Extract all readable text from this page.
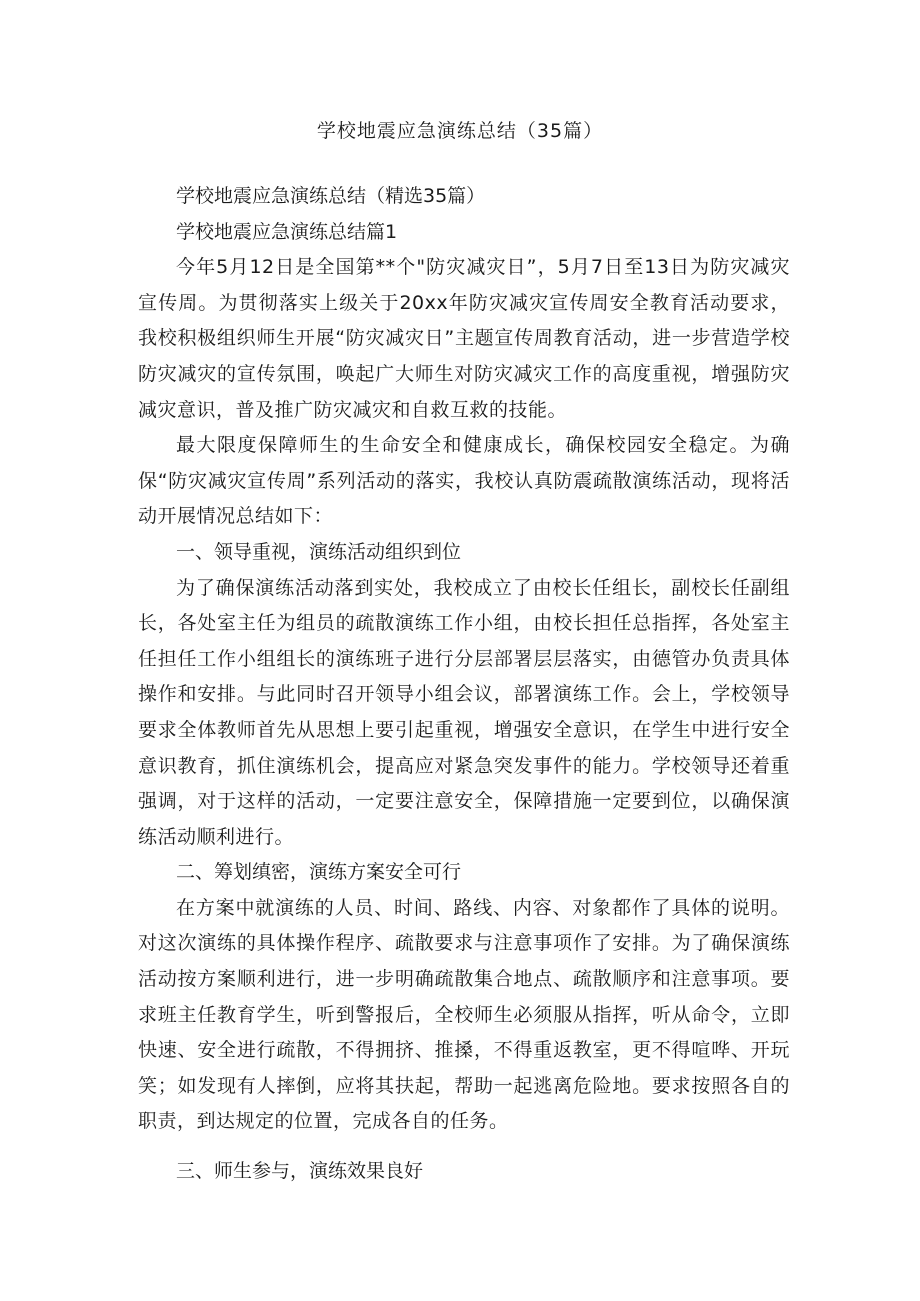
学校地震应急演练总结（35篇）
学校地震应急演练总结（精选35篇）
学校地震应急演练总结篇1
今年5月12日是全国第**个"防灾减灾日”，5月7日至13日为防灾减灾宣传周。为贯彻落实上级关于20xx年防灾减灾宣传周安全教育活动要求，我校积极组织师生开展“防灾减灾日”主题宣传周教育活动，进一步营造学校防灾减灾的宣传氛围，唤起广大师生对防灾减灾工作的高度重视，增强防灾减灾意识，普及推广防灾减灾和自救互救的技能。
最大限度保障师生的生命安全和健康成长，确保校园安全稳定。为确保“防灾减灾宣传周”系列活动的落实，我校认真防震疏散演练活动，现将活动开展情况总结如下：
一、领导重视，演练活动组织到位
为了确保演练活动落到实处，我校成立了由校长任组长，副校长任副组长，各处室主任为组员的疏散演练工作小组，由校长担任总指挥，各处室主任担任工作小组组长的演练班子进行分层部署层层落实，由德管办负责具体操作和安排。与此同时召开领导小组会议，部署演练工作。会上，学校领导要求全体教师首先从思想上要引起重视，增强安全意识，在学生中进行安全意识教育，抓住演练机会，提高应对紧急突发事件的能力。学校领导还着重强调，对于这样的活动，一定要注意安全，保障措施一定要到位，以确保演练活动顺利进行。
二、筹划缜密，演练方案安全可行
在方案中就演练的人员、时间、路线、内容、对象都作了具体的说明。对这次演练的具体操作程序、疏散要求与注意事项作了安排。为了确保演练活动按方案顺利进行，进一步明确疏散集合地点、疏散顺序和注意事项。要求班主任教育学生，听到警报后，全校师生必须服从指挥，听从命令，立即快速、安全进行疏散，不得拥挤、推搡，不得重返教室，更不得喧哗、开玩笑；如发现有人摔倒，应将其扶起，帮助一起逃离危险地。要求按照各自的职责，到达规定的位置，完成各自的任务。
三、师生参与，演练效果良好
